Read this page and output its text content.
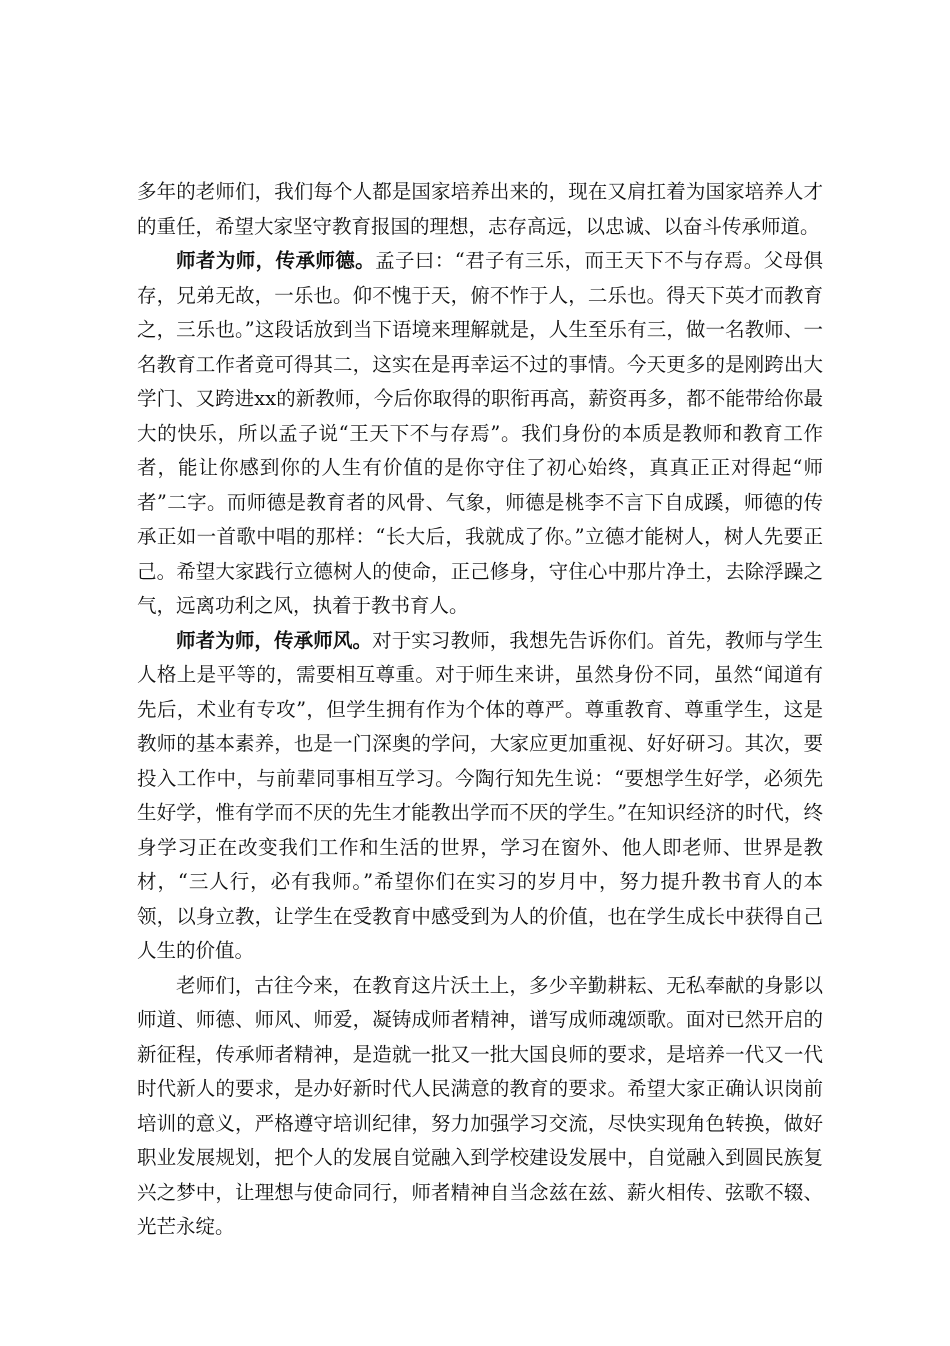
多年的老师们，我们每个人都是国家培养出来的，现在又肩扛着为国家培养人才的重任，希望大家坚守教育报国的理想，志存高远，以忠诚、以奋斗传承师道。

师者为师，传承师德。孟子曰：“君子有三乐，而王天下不与存焉。父母俱存，兄弟无故，一乐也。仰不愧于天，俯不怍于人，二乐也。得天下英才而教育之，三乐也。”这段话放到当下语境来理解就是，人生至乐有三，做一名教师、一名教育工作者竟可得其二，这实在是再幸运不过的事情。今天更多的是刚跨出大学门、又跨进xx的新教师，今后你取得的职衔再高，薪资再多，都不能带给你最大的快乐，所以孟子说“王天下不与存焉”。我们身份的本质是教师和教育工作者，能让你感到你的人生有价值的是你守住了初心始终，真真正正对得起“师者”二字。而师德是教育者的风骨、气象，师德是桃李不言下自成蹊，师德的传承正如一首歌中唱的那样：“长大后，我就成了你。”立德才能树人，树人先要正己。希望大家践行立德树人的使命，正己修身，守住心中那片净土，去除浮躁之气，远离功利之风，执着于教书育人。

师者为师，传承师风。对于实习教师，我想先告诉你们。首先，教师与学生人格上是平等的，需要相互尊重。对于师生来讲，虽然身份不同，虽然“闻道有先后，术业有专攻”，但学生拥有作为个体的尊严。尊重教育、尊重学生，这是教师的基本素养，也是一门深奥的学问，大家应更加重视、好好研习。其次，要投入工作中，与前辈同事相互学习。今陶行知先生说：“要想学生好学，必须先生好学，惟有学而不厌的先生才能教出学而不厌的学生。”在知识经济的时代，终身学习正在改变我们工作和生活的世界，学习在窗外、他人即老师、世界是教材，“三人行，必有我师。”希望你们在实习的岁月中，努力提升教书育人的本领，以身立教，让学生在受教育中感受到为人的价值，也在学生成长中获得自己人生的价值。

老师们，古往今来，在教育这片沃土上，多少辛勤耕耘、无私奉献的身影以师道、师德、师风、师爱，凝铸成师者精神，谱写成师魂颂歌。面对已然开启的新征程，传承师者精神，是造就一批又一批大国良师的要求，是培养一代又一代时代新人的要求，是办好新时代人民满意的教育的要求。希望大家正确认识岗前培训的意义，严格遵守培训纪律，努力加强学习交流，尽快实现角色转换，做好职业发展规划，把个人的发展自觉融入到学校建设发展中，自觉融入到圆民族复兴之梦中，让理想与使命同行，师者精神自当念兹在兹、薪火相传、弦歌不辍、光芒永绽。
